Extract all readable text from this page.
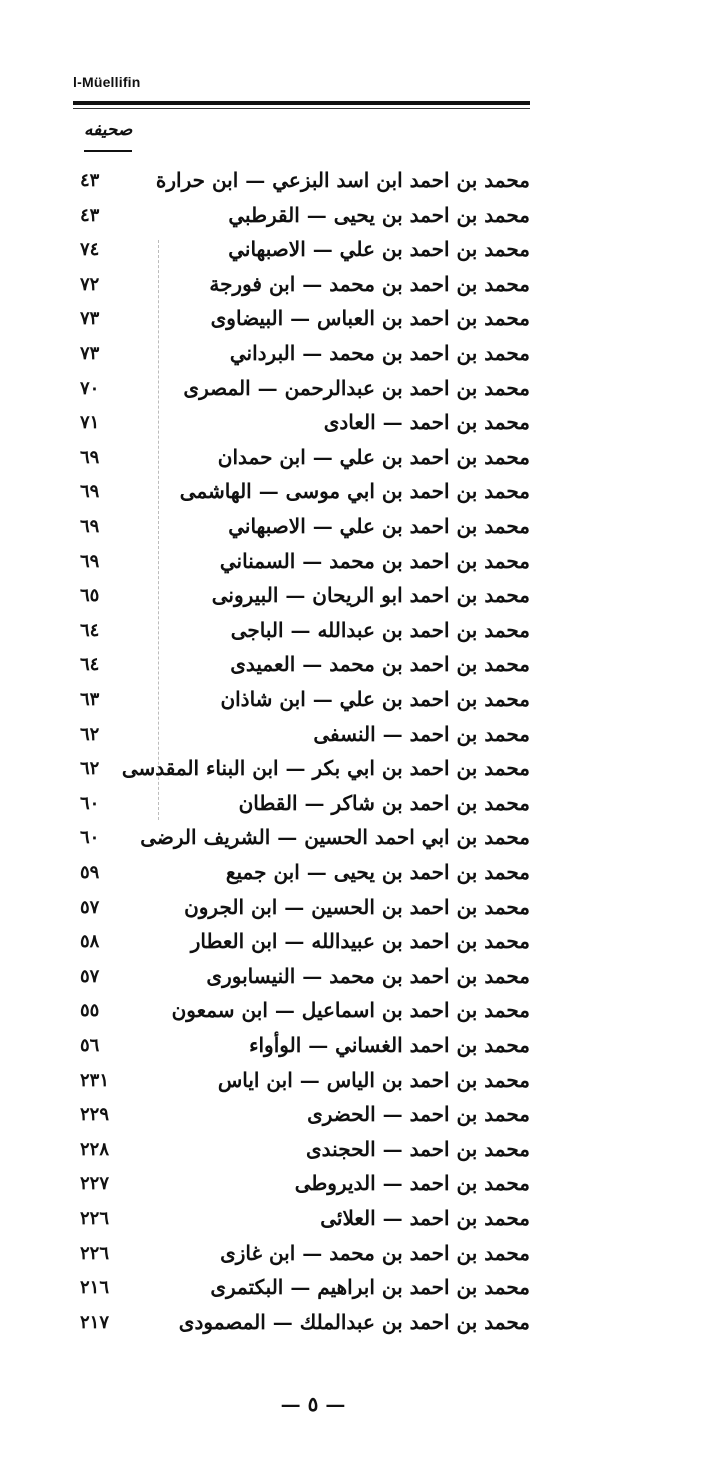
l-Müellifin
صحيفه
٤٣	محمد بن احمد ابن اسد البزعي — ابن حرارة
٤٣	محمد بن احمد بن يحيى — القرطبي
٧٤	محمد بن احمد بن علي — الاصبهاني
٧٢	محمد بن احمد بن محمد — ابن فورجة
٧٣	محمد بن احمد بن العباس — البيضاوى
٧٣	محمد بن احمد بن محمد — البرداني
٧٠	محمد بن احمد بن عبدالرحمن — المصرى
٧١	محمد بن احمد — العادى
٦٩	محمد بن احمد بن علي — ابن حمدان
٦٩	محمد بن احمد بن ابي موسى — الهاشمى
٦٩	محمد بن احمد بن علي — الاصبهاني
٦٩	محمد بن احمد بن محمد — السمناني
٦٥	محمد بن احمد ابو الريحان — البيرونى
٦٤	محمد بن احمد بن عبدالله — الباجى
٦٤	محمد بن احمد بن محمد — العميدى
٦٣	محمد بن احمد بن علي — ابن شاذان
٦٢	محمد بن احمد — النسفى
٦٢	محمد بن احمد بن ابي بكر — ابن البناء المقدسى
٦٠	محمد بن احمد بن شاكر — القطان
٦٠	محمد بن ابي احمد الحسين — الشريف الرضى
٥٩	محمد بن احمد بن يحيى — ابن جميع
٥٧	محمد بن احمد بن الحسين — ابن الجرون
٥٨	محمد بن احمد بن عبيدالله — ابن العطار
٥٧	محمد بن احمد بن محمد — النيسابورى
٥٥	محمد بن احمد بن اسماعيل — ابن سمعون
٥٦	محمد بن احمد الغساني — الوأواء
٢٣١	محمد بن احمد بن الياس — ابن اياس
٢٢٩	محمد بن احمد — الحضرى
٢٢٨	محمد بن احمد — الحجندى
٢٢٧	محمد بن احمد — الديروطى
٢٢٦	محمد بن احمد — العلائى
٢٢٦	محمد بن احمد بن محمد — ابن غازى
٢١٦	محمد بن احمد بن ابراهيم — البكتمرى
٢١٧	محمد بن احمد بن عبدالملك — المصمودى
— ٥ —
